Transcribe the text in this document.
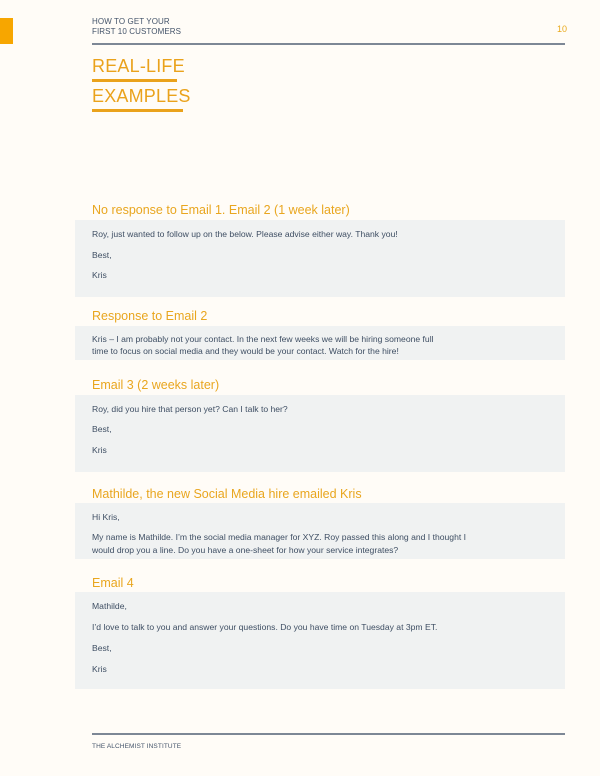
HOW TO GET YOUR
FIRST 10 CUSTOMERS	10
REAL-LIFE
EXAMPLES
No response to Email 1. Email 2 (1 week later)

Roy, just wanted to follow up on the below. Please advise either way. Thank you!

Best,

Kris

Response to Email 2

Kris – I am probably not your contact. In the next few weeks we will be hiring someone full

time to focus on social media and they would be your contact. Watch for the hire!

Email 3 (2 weeks later)

Roy, did you hire that person yet? Can I talk to her?

Best,

Kris

Mathilde, the new Social Media hire emailed Kris

Hi Kris,

My name is Mathilde. I’m the social media manager for XYZ. Roy passed this along and I thought I

would drop you a line. Do you have a one-sheet for how your service integrates?

Email 4

Mathilde,

I’d love to talk to you and answer your questions. Do you have time on Tuesday at 3pm ET.

Best,

Kris

THE ALCHEMIST INSTITUTE
